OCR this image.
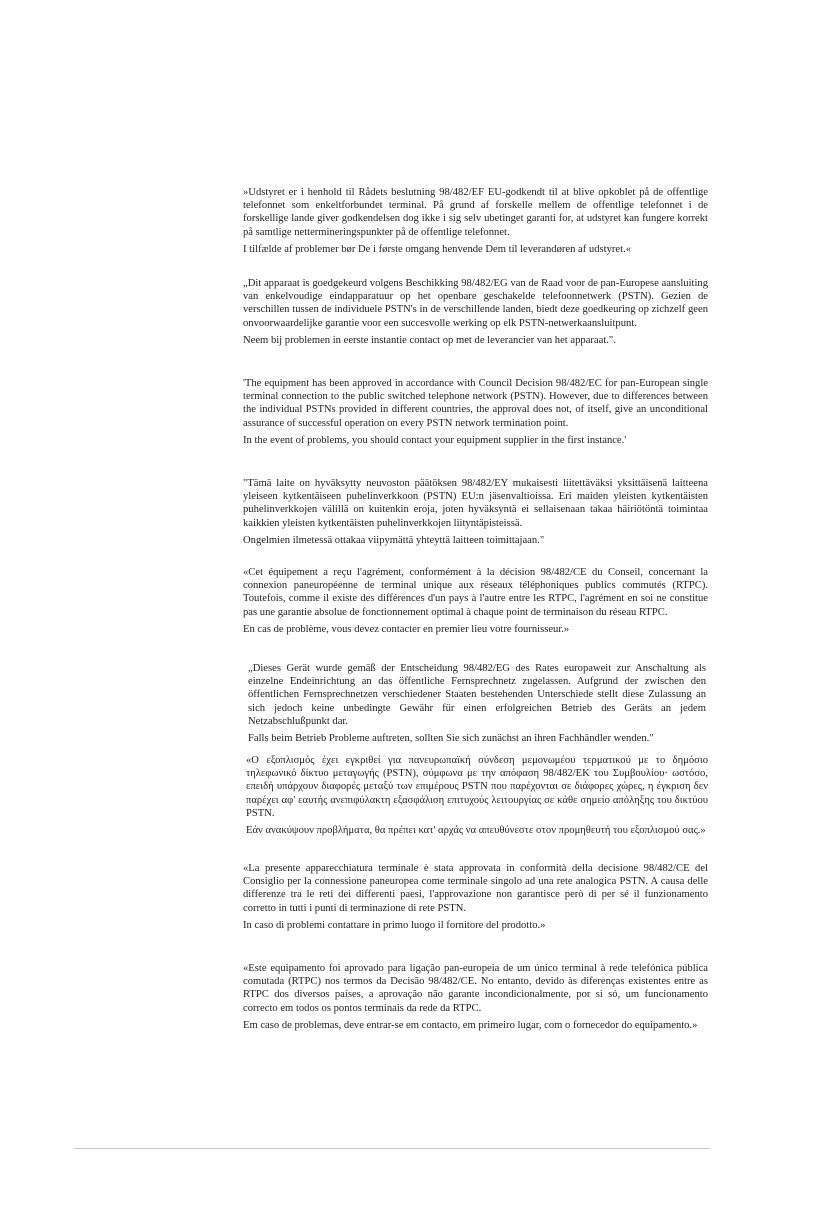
»Udstyret er i henhold til Rådets beslutning 98/482/EF EU-godkendt til at blive opkoblet på de offentlige telefonnet som enkeltforbundet terminal. På grund af forskelle mellem de offentlige telefonnet i de forskellige lande giver godkendelsen dog ikke i sig selv ubetinget garanti for, at udstyret kan fungere korrekt på samtlige nettermineringspunkter på de offentlige telefonnet.

I tilfælde af problemer bør De i første omgang henvende Dem til leverandøren af udstyret.«

„Dit apparaat is goedgekeurd volgens Beschikking 98/482/EG van de Raad voor de pan-Europese aansluiting van enkelvoudige eindapparatuur op het openbare geschakelde telefoonnetwerk (PSTN). Gezien de verschillen tussen de individuele PSTN's in de verschillende landen, biedt deze goedkeuring op zichzelf geen onvoorwaardelijke garantie voor een succesvolle werking op elk PSTN-netwerkaansluitpunt.

Neem bij problemen in eerste instantie contact op met de leverancier van het apparaat.".

'The equipment has been approved in accordance with Council Decision 98/482/EC for pan-European single terminal connection to the public switched telephone network (PSTN). However, due to differences between the individual PSTNs provided in different countries, the approval does not, of itself, give an unconditional assurance of successful operation on every PSTN network termination point.

In the event of problems, you should contact your equipment supplier in the first instance.'

"Tämä laite on hyväksytty neuvoston päätöksen 98/482/EY mukaisesti liitettäväksi yksittäisenä laitteena yleiseen kytkentäiseen puhelinverkkoon (PSTN) EU:n jäsenvaltioissa. Eri maiden yleisten kytkentäisten puhelinverkkojen välillä on kuitenkin eroja, joten hyväksyntä ei sellaisenaan takaa häiriötöntä toimintaa kaikkien yleisten kytkentäisten puhelinverkkojen liityntäpisteissä.

Ongelmien ilmetessä ottakaa viipymättä yhteyttä laitteen toimittajaan."

«Cet équipement a reçu l'agrément, conformément à la décision 98/482/CE du Conseil, concernant la connexion paneuropéenne de terminal unique aux réseaux téléphoniques publics commutés (RTPC). Toutefois, comme il existe des différences d'un pays à l'autre entre les RTPC, l'agrément en soi ne constitue pas une garantie absolue de fonctionnement optimal à chaque point de terminaison du réseau RTPC.

En cas de problème, vous devez contacter en premier lieu votre fournisseur.»

„Dieses Gerät wurde gemäß der Entscheidung 98/482/EG des Rates europaweit zur Anschaltung als einzelne Endeinrichtung an das öffentliche Fernsprechnetz zugelassen. Aufgrund der zwischen den öffentlichen Fernsprechnetzen verschiedener Staaten bestehenden Unterschiede stellt diese Zulassung an sich jedoch keine unbedingte Gewähr für einen erfolgreichen Betrieb des Geräts an jedem Netzabschlußpunkt dar.

Falls beim Betrieb Probleme auftreten, sollten Sie sich zunächst an ihren Fachhändler wenden."

«Ο εξοπλισμός έχει εγκριθεί για πανευρωπαϊκή σύνδεση μεμονωμέου τερματικού με το δημόσιο τηλεφωνικό δίκτυο μεταγωγής (PSTN), σύμφωνα με την απόφαση 98/482/ΕΚ του Συμβουλίου· ωστόσο, επειδή υπάρχουν διαφορές μεταξύ των επιμέρους PSTN που παρέχονται σε διάφορες χώρες, η έγκριση δεν παρέχει αφ' εαυτής ανεπιφύλακτη εξασφάλιση επιτυχούς λειτουργίας σε κάθε σημείο απόληξης του δικτύου PSTN.

Εάν ανακύψουν προβλήματα, θα πρέπει κατ' αρχάς να απευθύνεστε στον προμηθευτή του εξοπλισμού σας.»

«La presente apparecchiatura terminale è stata approvata in conformità della decisione 98/482/CE del Consiglio per la connessione paneuropea come terminale singolo ad una rete analogica PSTN. A causa delle differenze tra le reti dei differenti paesi, l'approvazione non garantisce però di per sé il funzionamento corretto in tutti i punti di terminazione di rete PSTN.

In caso di problemi contattare in primo luogo il fornitore del prodotto.»

«Este equipamento foi aprovado para ligação pan-europeia de um único terminal à rede telefónica pública comutada (RTPC) nos termos da Decisão 98/482/CE. No entanto, devido às diferenças existentes entre as RTPC dos diversos países, a aprovação não garante incondicionalmente, por si só, um funcionamento correcto em todos os pontos terminais da rede da RTPC.

Em caso de problemas, deve entrar-se em contacto, em primeiro lugar, com o fornecedor do equipamento.»
